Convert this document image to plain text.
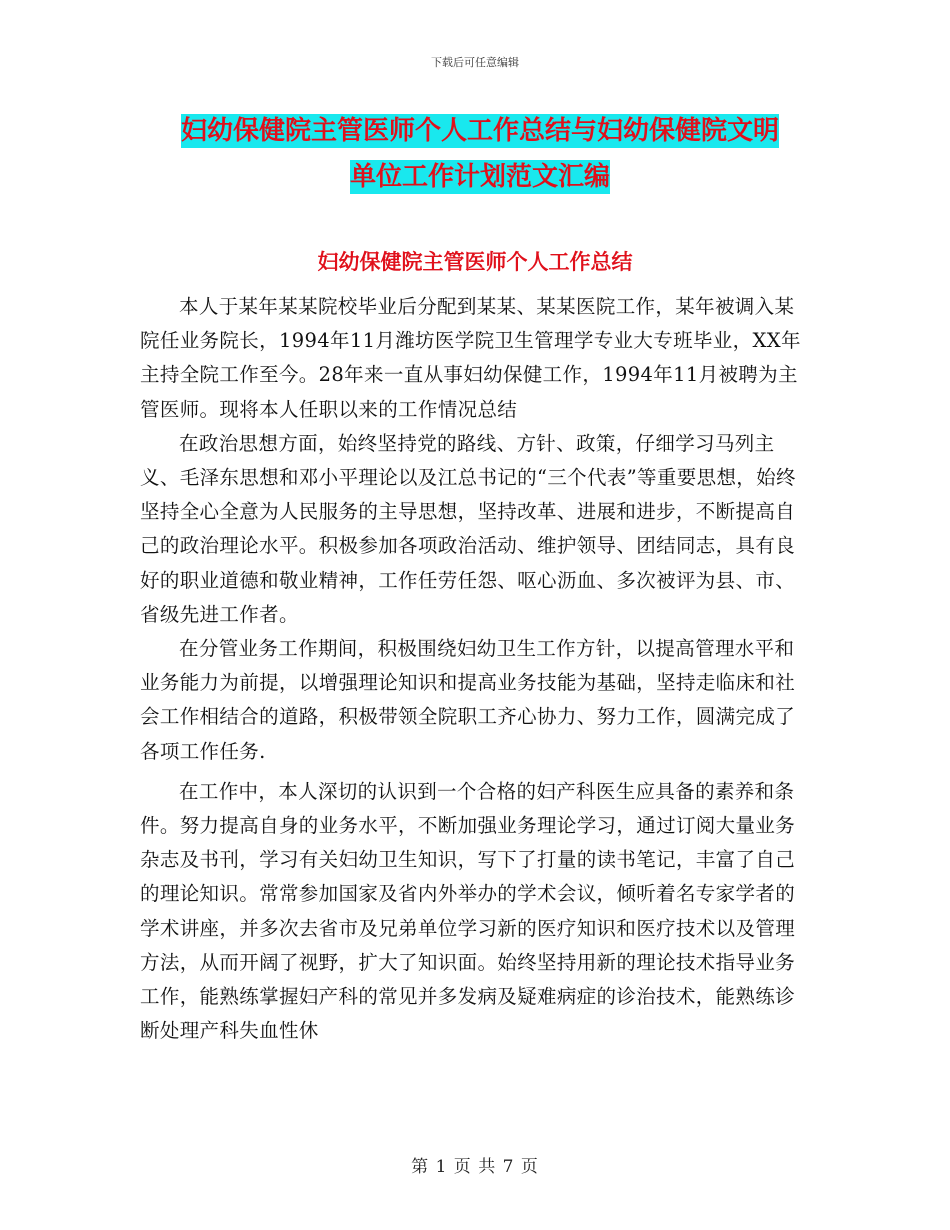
下载后可任意编辑
妇幼保健院主管医师个人工作总结与妇幼保健院文明
单位工作计划范文汇编
妇幼保健院主管医师个人工作总结

本人于某年某某院校毕业后分配到某某、某某医院工作，某年被调入某院任业务院长，1994年11月潍坊医学院卫生管理学专业大专班毕业，XX年主持全院工作至今。28年来一直从事妇幼保健工作，1994年11月被聘为主管医师。现将本人任职以来的工作情况总结

在政治思想方面，始终坚持党的路线、方针、政策，仔细学习马列主义、毛泽东思想和邓小平理论以及江总书记的“三个代表”等重要思想，始终坚持全心全意为人民服务的主导思想，坚持改革、进展和进步，不断提高自己的政治理论水平。积极参加各项政治活动、维护领导、团结同志，具有良好的职业道德和敬业精神，工作任劳任怨、呕心沥血、多次被评为县、市、省级先进工作者。

在分管业务工作期间，积极围绕妇幼卫生工作方针，以提高管理水平和业务能力为前提，以增强理论知识和提高业务技能为基础，坚持走临床和社会工作相结合的道路，积极带领全院职工齐心协力、努力工作，圆满完成了各项工作任务.

在工作中，本人深切的认识到一个合格的妇产科医生应具备的素养和条件。努力提高自身的业务水平，不断加强业务理论学习，通过订阅大量业务杂志及书刊，学习有关妇幼卫生知识，写下了打量的读书笔记，丰富了自己的理论知识。常常参加国家及省内外举办的学术会议，倾听着名专家学者的学术讲座，并多次去省市及兄弟单位学习新的医疗知识和医疗技术以及管理方法，从而开阔了视野，扩大了知识面。始终坚持用新的理论技术指导业务工作，能熟练掌握妇产科的常见并多发病及疑难病症的诊治技术，能熟练诊断处理产科失血性休

第 1 页 共 7 页
